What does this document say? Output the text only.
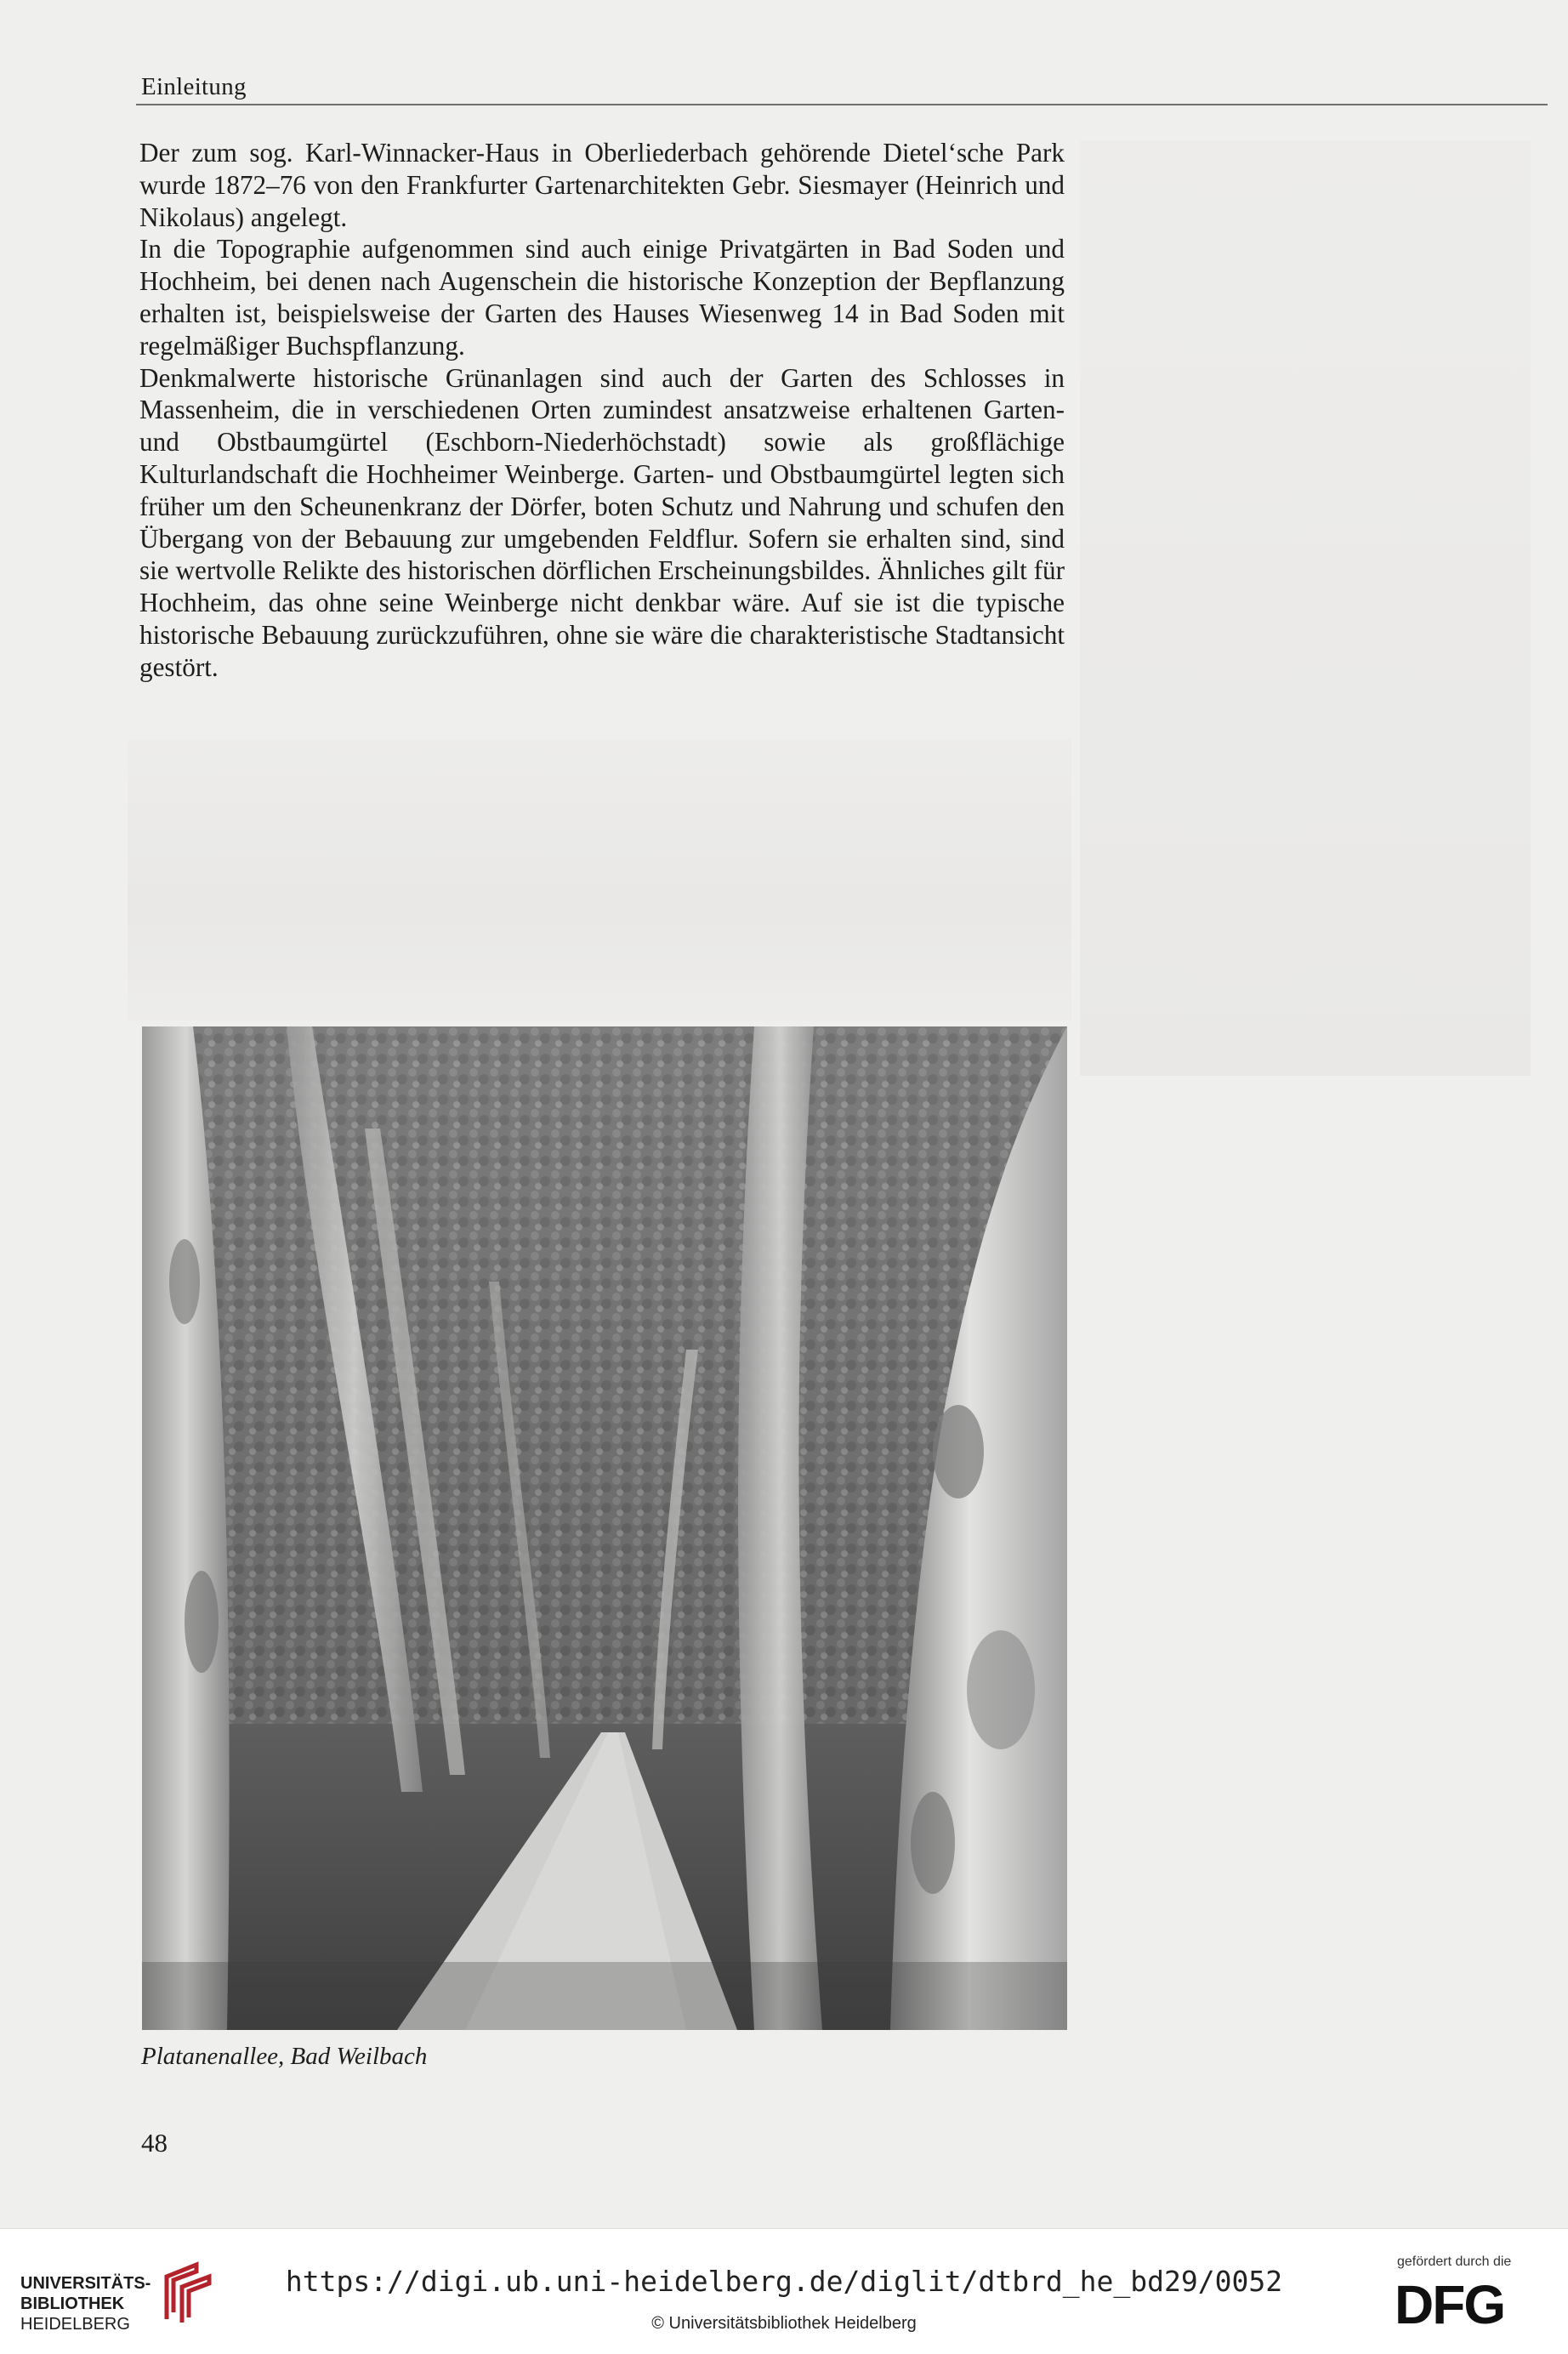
Einleitung

Der zum sog. Karl-Winnacker-Haus in Oberliederbach gehörende Dietel‘sche Park wurde 1872–76 von den Frankfurter Gartenarchitekten Gebr. Siesmayer (Heinrich und Nikolaus) angelegt.

In die Topographie aufgenommen sind auch einige Privatgärten in Bad Soden und Hochheim, bei denen nach Augenschein die historische Konzeption der Bepflanzung erhalten ist, beispielsweise der Garten des Hauses Wiesenweg 14 in Bad Soden mit regelmäßiger Buchspflanzung.

Denkmalwerte historische Grünanlagen sind auch der Garten des Schlosses in Massenheim, die in verschiedenen Orten zumindest ansatzweise erhaltenen Garten- und Obstbaumgürtel (Eschborn-Niederhöchstadt) sowie als großflächige Kulturlandschaft die Hochheimer Weinberge. Garten- und Obstbaumgürtel legten sich früher um den Scheunenkranz der Dörfer, boten Schutz und Nahrung und schufen den Übergang von der Bebauung zur umgebenden Feldflur. Sofern sie erhalten sind, sind sie wertvolle Relikte des historischen dörflichen Erscheinungsbildes. Ähnliches gilt für Hochheim, das ohne seine Weinberge nicht denkbar wäre. Auf sie ist die typische historische Bebauung zurückzuführen, ohne sie wäre die charakteristische Stadtansicht gestört.

Platanenallee, Bad Weilbach
48
UNIVERSITÄTS-
BIBLIOTHEK
HEIDELBERG
https://digi.ub.uni-heidelberg.de/diglit/dtbrd_he_bd29/0052
© Universitätsbibliothek Heidelberg
gefördert durch die
DFG
